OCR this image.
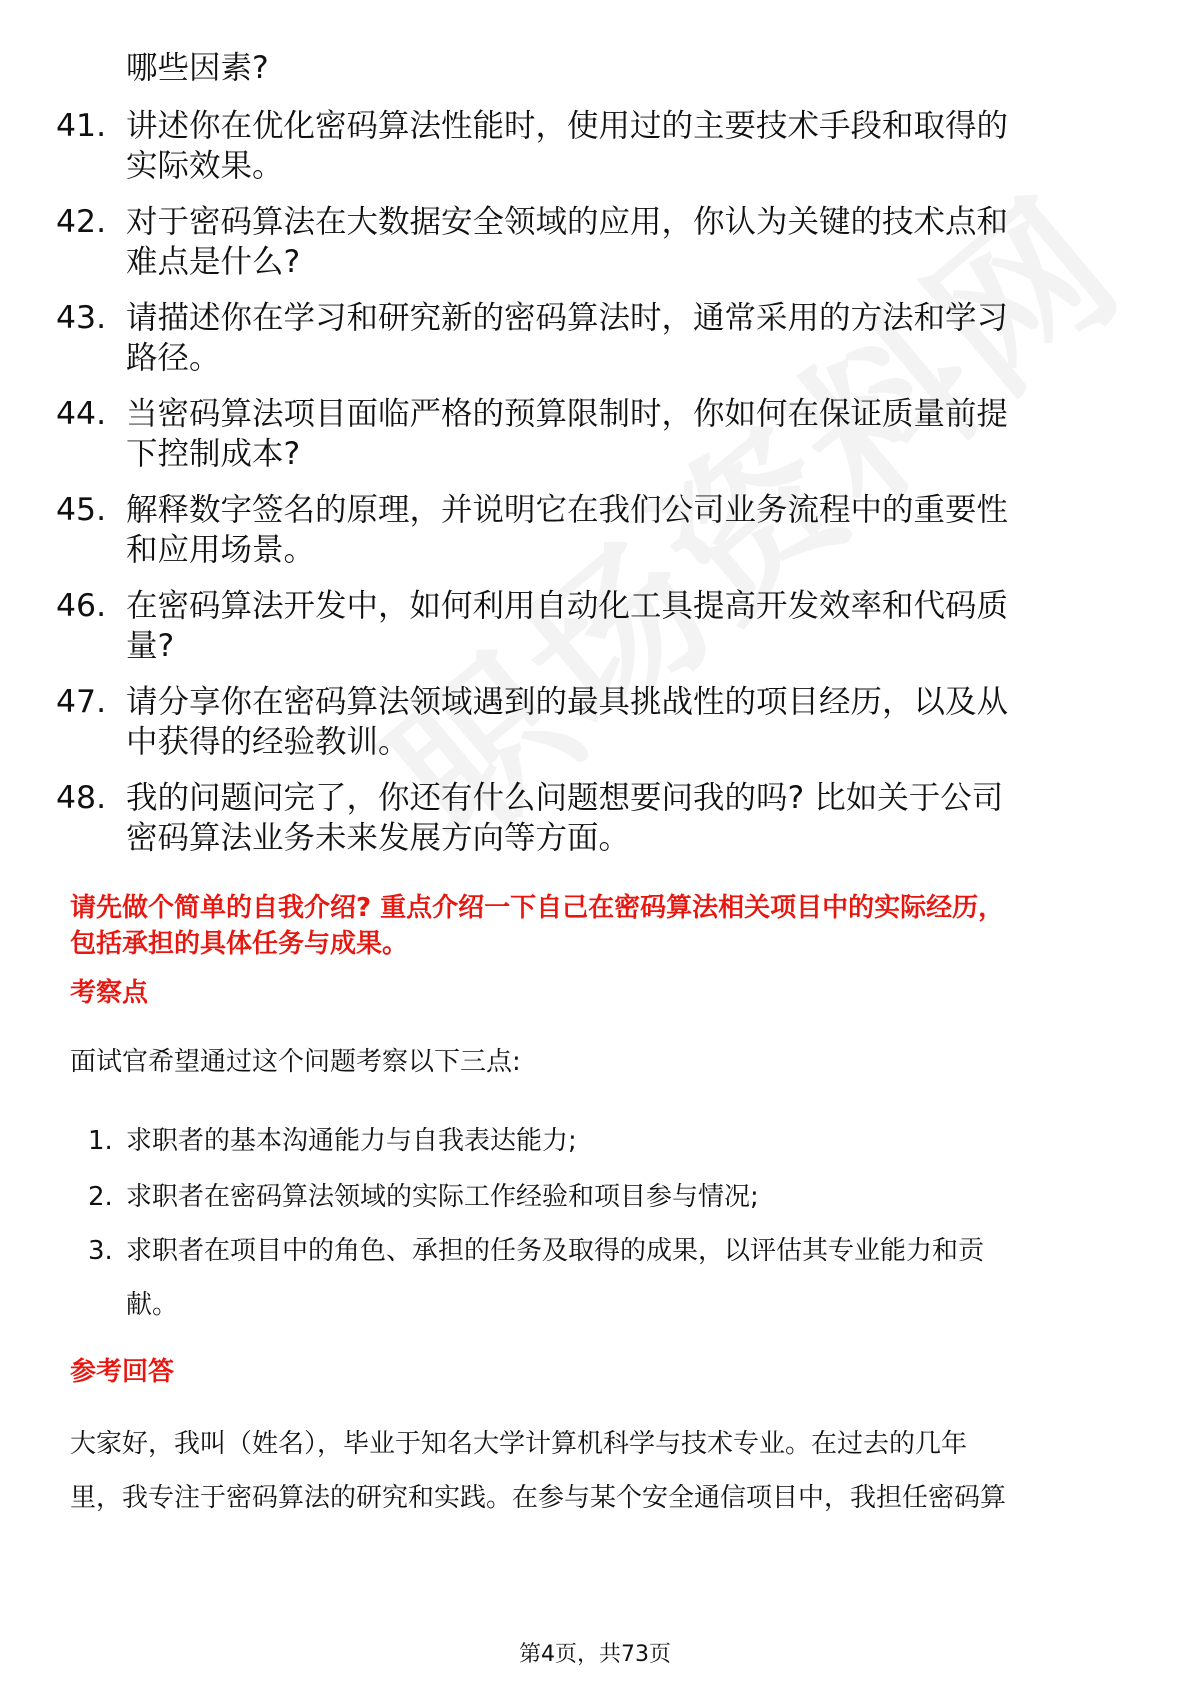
哪些因素?
41. 讲述你在优化密码算法性能时，使用过的主要技术手段和取得的
实际效果。
42. 对于密码算法在大数据安全领域的应用，你认为关键的技术点和
难点是什么?
43. 请描述你在学习和研究新的密码算法时，通常采用的方法和学习
路径。
44. 当密码算法项目面临严格的预算限制时，你如何在保证质量前提
下控制成本?
45. 解释数字签名的原理，并说明它在我们公司业务流程中的重要性
和应用场景。
46. 在密码算法开发中，如何利用自动化工具提高开发效率和代码质
量?
47. 请分享你在密码算法领域遇到的最具挑战性的项目经历，以及从
中获得的经验教训。
48. 我的问题问完了，你还有什么问题想要问我的吗? 比如关于公司
密码算法业务未来发展方向等方面。
请先做个简单的自我介绍? 重点介绍一下自己在密码算法相关项目中的实际经历，
包括承担的具体任务与成果。
考察点
面试官希望通过这个问题考察以下三点:
1. 求职者的基本沟通能力与自我表达能力;
2. 求职者在密码算法领域的实际工作经验和项目参与情况;
3. 求职者在项目中的角色、承担的任务及取得的成果，以评估其专业能力和贡
献。
参考回答
大家好，我叫（姓名），毕业于知名大学计算机科学与技术专业。在过去的几年
里，我专注于密码算法的研究和实践。在参与某个安全通信项目中，我担任密码算
第4页，共73页
